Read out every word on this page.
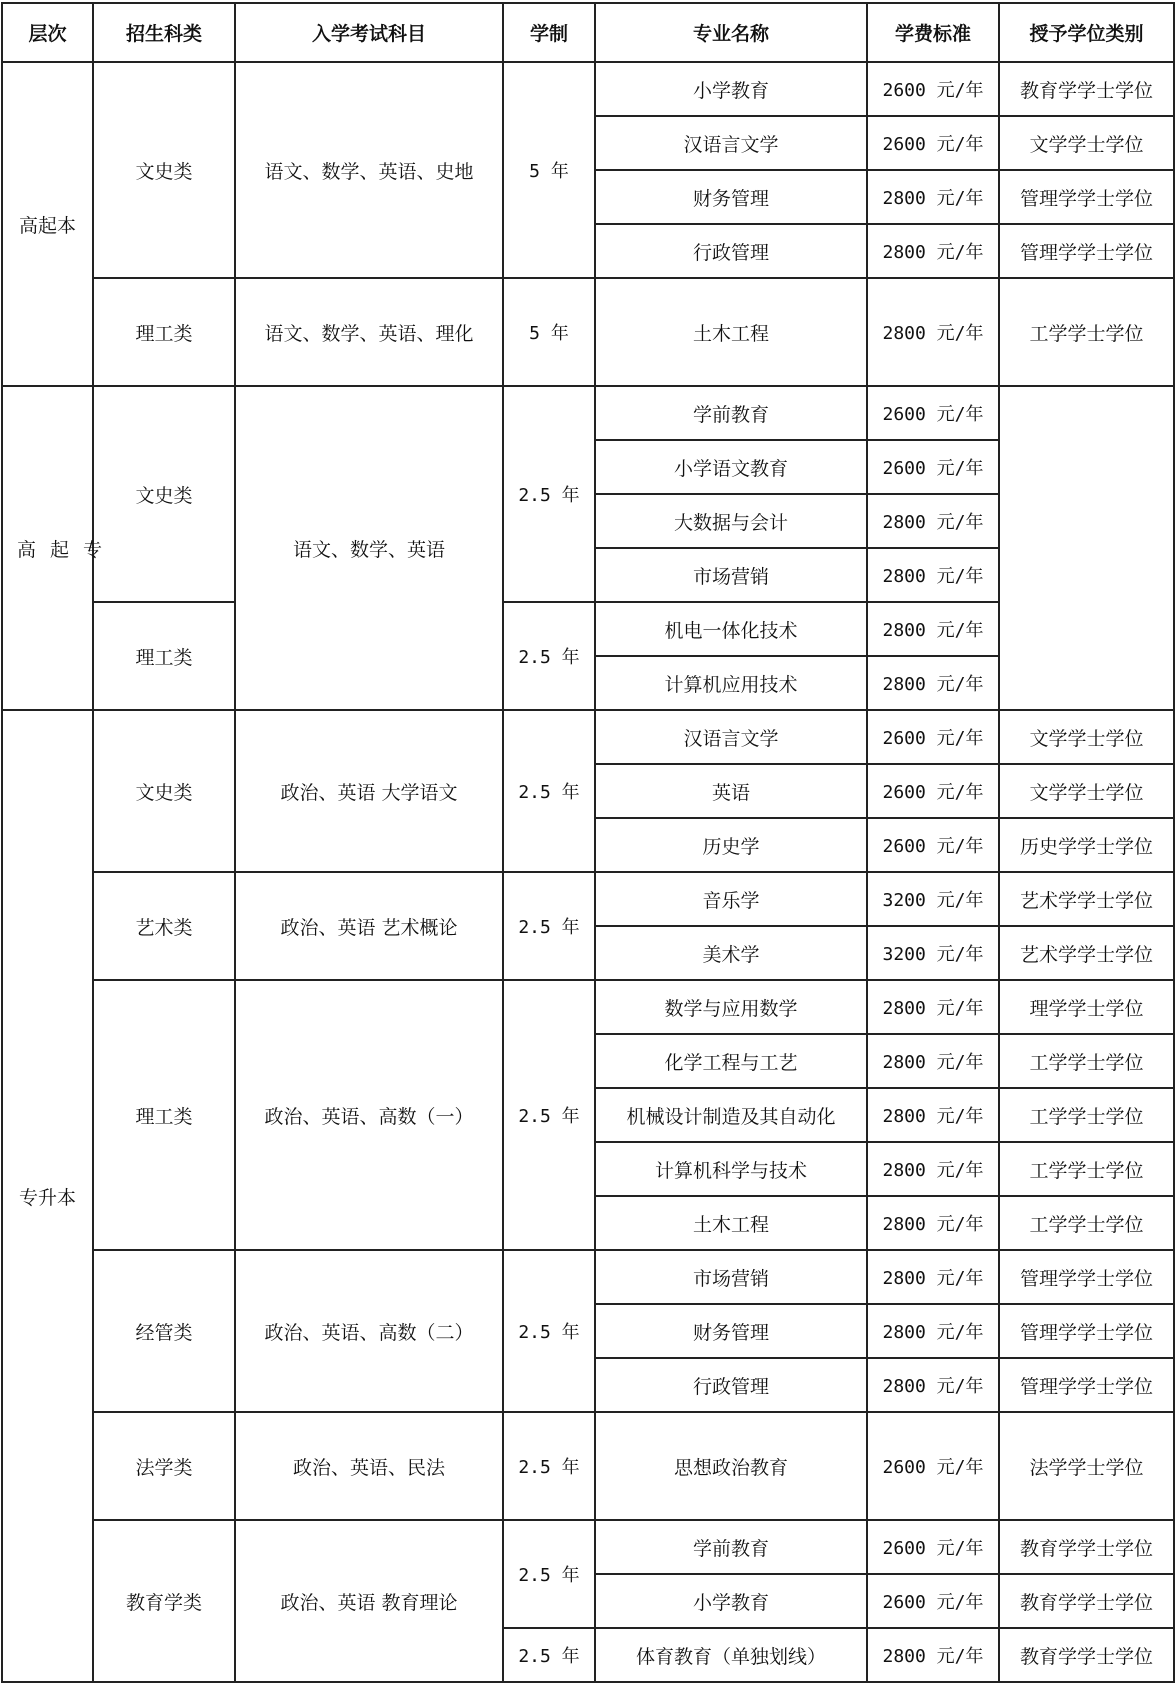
层次	招生科类	入学考试科目	学制	专业名称	学费标准	授予学位类别
高起本	文史类	语文、数学、英语、史地	5 年	小学教育	2600 元/年	教育学学士学位
				汉语言文学	2600 元/年	文学学士学位
				财务管理	2800 元/年	管理学学士学位
				行政管理	2800 元/年	管理学学士学位
	理工类	语文、数学、英语、理化	5 年	土木工程	2800 元/年	工学学士学位

高起专	文史类	语文、数学、英语	2.5 年	学前教育	2600 元/年	
				小学语文教育	2600 元/年	
				大数据与会计	2800 元/年	
				市场营销	2800 元/年	
	理工类		2.5 年	机电一体化技术	2800 元/年	
				计算机应用技术	2800 元/年	
专升本	文史类	政治、英语 大学语文	2.5 年	汉语言文学	2600 元/年	文学学士学位
				英语	2600 元/年	文学学士学位
				历史学	2600 元/年	历史学学士学位
	艺术类	政治、英语 艺术概论	2.5 年	音乐学	3200 元/年	艺术学学士学位
				美术学	3200 元/年	艺术学学士学位
	理工类	政治、英语、高数（一）	2.5 年	数学与应用数学	2800 元/年	理学学士学位
				化学工程与工艺	2800 元/年	工学学士学位
				机械设计制造及其自动化	2800 元/年	工学学士学位
				计算机科学与技术	2800 元/年	工学学士学位
				土木工程	2800 元/年	工学学士学位
	经管类	政治、英语、高数（二）	2.5 年	市场营销	2800 元/年	管理学学士学位
				财务管理	2800 元/年	管理学学士学位
				行政管理	2800 元/年	管理学学士学位
	法学类	政治、英语、民法	2.5 年	思想政治教育	2600 元/年	法学学士学位

	教育学类	政治、英语 教育理论	2.5 年	学前教育	2600 元/年	教育学学士学位
				小学教育	2600 元/年	教育学学士学位
			2.5 年	体育教育（单独划线）	2800 元/年	教育学学士学位
